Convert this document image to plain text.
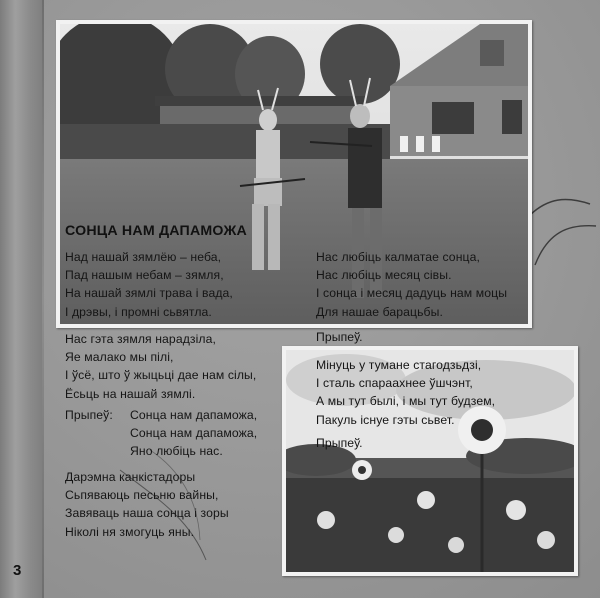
СОНЦА НАМ ДАПАМОЖА
Над нашай зямлёю – неба,
Пад нашым небам – зямля,
На нашай зямлі трава і вада,
І дрэвы, і промні сьвятла.
Нас любіць калматае сонца,
Нас любіць месяц сівы.
І сонца і месяц дадуць нам моцы
Для нашае барацьбы.
Нас гэта зямля нарадзіла,
Яе малако мы пілі,
І ўсё, што ў жыцьці дае нам сілы,
Ёсьць на нашай зямлі.
Прыпеў.
Прыпеў: Сонца нам дапаможа,
Сонца нам дапаможа,
Яно любіць нас.
Дарэмна канкістадоры
Сьпяваюць песьню вайны,
Завяваць наша сонца і зоры
Ніколі ня змогуць яны.
Мінуць у тумане стагодзьдзі,
І сталь спараахнее ўшчэнт,
А мы тут былі, і мы тут будзем,
Пакуль існуе гэты сьвет.
Прыпеў.
3
